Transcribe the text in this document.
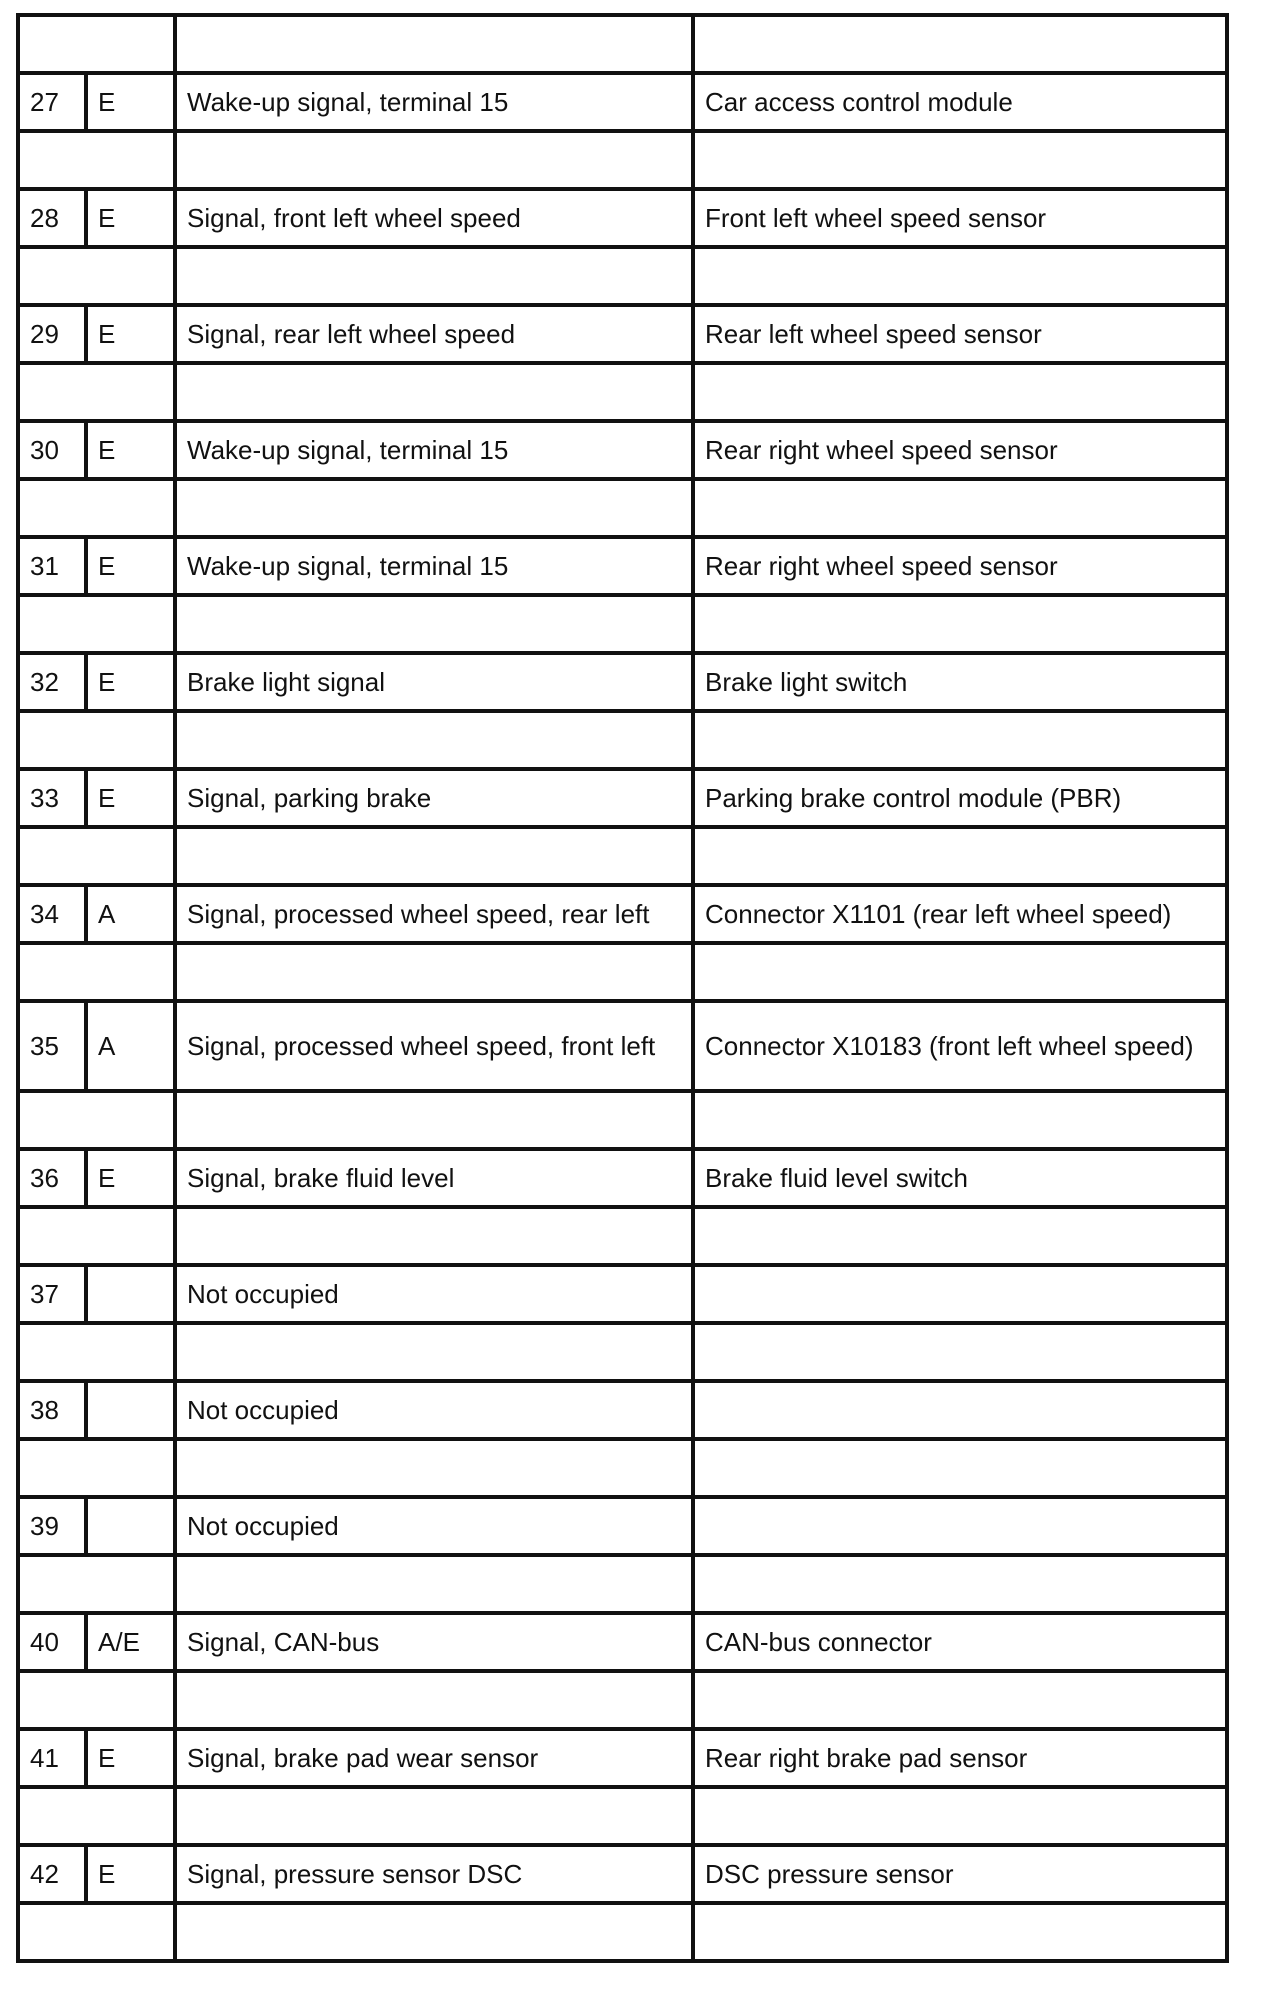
27	E	Wake-up signal, terminal 15	Car access control module

28	E	Signal, front left wheel speed	Front left wheel speed sensor

29	E	Signal, rear left wheel speed	Rear left wheel speed sensor

30	E	Wake-up signal, terminal 15	Rear right wheel speed sensor

31	E	Wake-up signal, terminal 15	Rear right wheel speed sensor

32	E	Brake light signal	Brake light switch

33	E	Signal, parking brake	Parking brake control module (PBR)

34	A	Signal, processed wheel speed, rear left	Connector X1101 (rear left wheel speed)

35	A	Signal, processed wheel speed, front left	Connector X10183 (front left wheel speed)

36	E	Signal, brake fluid level	Brake fluid level switch

37		Not occupied	

38		Not occupied	

39		Not occupied	

40	A/E	Signal, CAN-bus	CAN-bus connector

41	E	Signal, brake pad wear sensor	Rear right brake pad sensor

42	E	Signal, pressure sensor DSC	DSC pressure sensor
